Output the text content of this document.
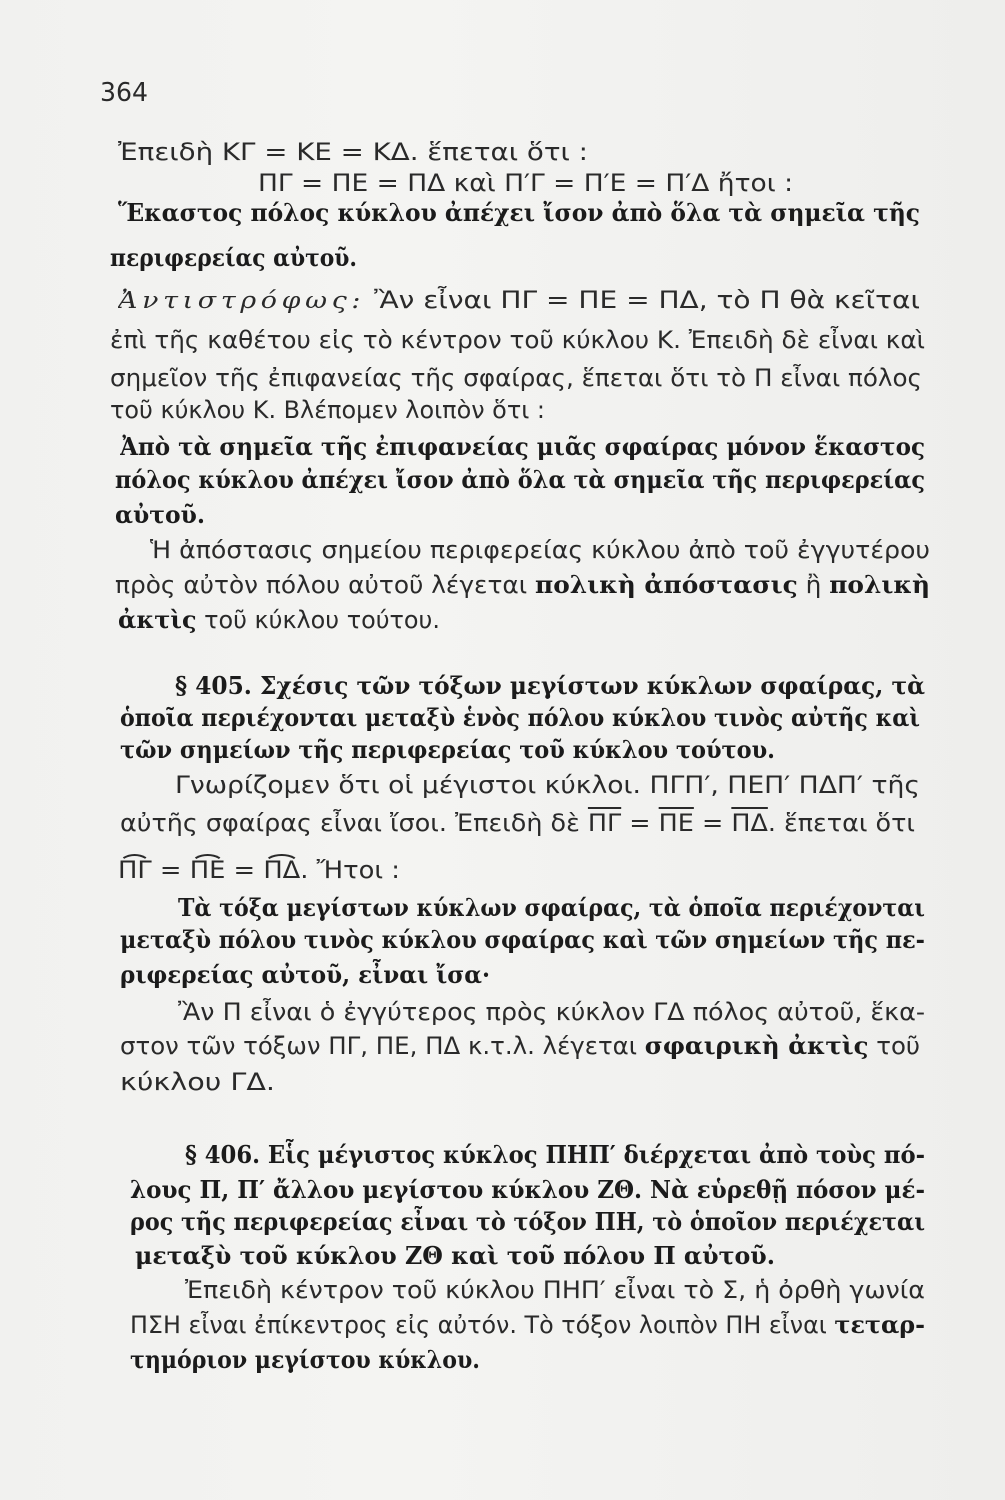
364
Ἐπειδὴ ΚΓ = ΚΕ = ΚΔ. ἕπεται ὅτι :
ΠΓ = ΠΕ = ΠΔ καὶ Π′Γ = Π′Ε = Π′Δ ἤτοι :
Ἕκαστος πόλος κύκλου ἀπέχει ἴσον ἀπὸ ὅλα τὰ σημεῖα τῆς
περιφερείας αὐτοῦ.
Ἀντιστρόφως: Ἂν εἶναι ΠΓ = ΠΕ = ΠΔ, τὸ Π θὰ κεῖται
ἐπὶ τῆς καθέτου εἰς τὸ κέντρον τοῦ κύκλου Κ. Ἐπειδὴ δὲ εἶναι καὶ
σημεῖον τῆς ἐπιφανείας τῆς σφαίρας, ἕπεται ὅτι τὸ Π εἶναι πόλος
τοῦ κύκλου Κ. Βλέπομεν λοιπὸν ὅτι :
Ἀπὸ τὰ σημεῖα τῆς ἐπιφανείας μιᾶς σφαίρας μόνον ἕκαστος
πόλος κύκλου ἀπέχει ἴσον ἀπὸ ὅλα τὰ σημεῖα τῆς περιφερείας
αὐτοῦ.
Ἡ ἀπόστασις σημείου περιφερείας κύκλου ἀπὸ τοῦ ἐγγυτέρου
πρὸς αὐτὸν πόλου αὐτοῦ λέγεται πολικὴ ἀπόστασις ἢ πολικὴ
ἀκτὶς τοῦ κύκλου τούτου.
§ 405. Σχέσις τῶν τόξων μεγίστων κύκλων σφαίρας, τὰ
ὁποῖα περιέχονται μεταξὺ ἑνὸς πόλου κύκλου τινὸς αὐτῆς καὶ
τῶν σημείων τῆς περιφερείας τοῦ κύκλου τούτου.
Γνωρίζομεν ὅτι οἱ μέγιστοι κύκλοι. ΠΓΠ′, ΠΕΠ′ ΠΔΠ′ τῆς
αὐτῆς σφαίρας εἶναι ἴσοι. Ἐπειδὴ δὲ $\overline{\Pi\Gamma} = \overline{\Pi E} = \overline{\Pi\Delta}$. ἕπεται ὅτι
ΠΓ = ΠΕ = ΠΔ. Ἤτοι :
Τὰ τόξα μεγίστων κύκλων σφαίρας, τὰ ὁποῖα περιέχονται
μεταξὺ πόλου τινὸς κύκλου σφαίρας καὶ τῶν σημείων τῆς πε-
ριφερείας αὐτοῦ, εἶναι ἴσα·
Ἂν Π εἶναι ὁ ἐγγύτερος πρὸς κύκλον ΓΔ πόλος αὐτοῦ, ἕκα-
στον τῶν τόξων ΠΓ, ΠΕ, ΠΔ κ.τ.λ. λέγεται σφαιρικὴ ἀκτὶς τοῦ
κύκλου ΓΔ.
§ 406. Εἷς μέγιστος κύκλος ΠΗΠ′ διέρχεται ἀπὸ τοὺς πό-
λους Π, Π′ ἄλλου μεγίστου κύκλου ΖΘ. Νὰ εὑρεθῇ πόσον μέ-
ρος τῆς περιφερείας εἶναι τὸ τόξον ΠΗ, τὸ ὁποῖον περιέχεται
μεταξὺ τοῦ κύκλου ΖΘ καὶ τοῦ πόλου Π αὐτοῦ.
Ἐπειδὴ κέντρον τοῦ κύκλου ΠΗΠ′ εἶναι τὸ Σ, ἡ ὀρθὴ γωνία
ΠΣΗ εἶναι ἐπίκεντρος εἰς αὐτόν. Τὸ τόξον λοιπὸν ΠΗ εἶναι τεταρ-
τημόριον μεγίστου κύκλου.
